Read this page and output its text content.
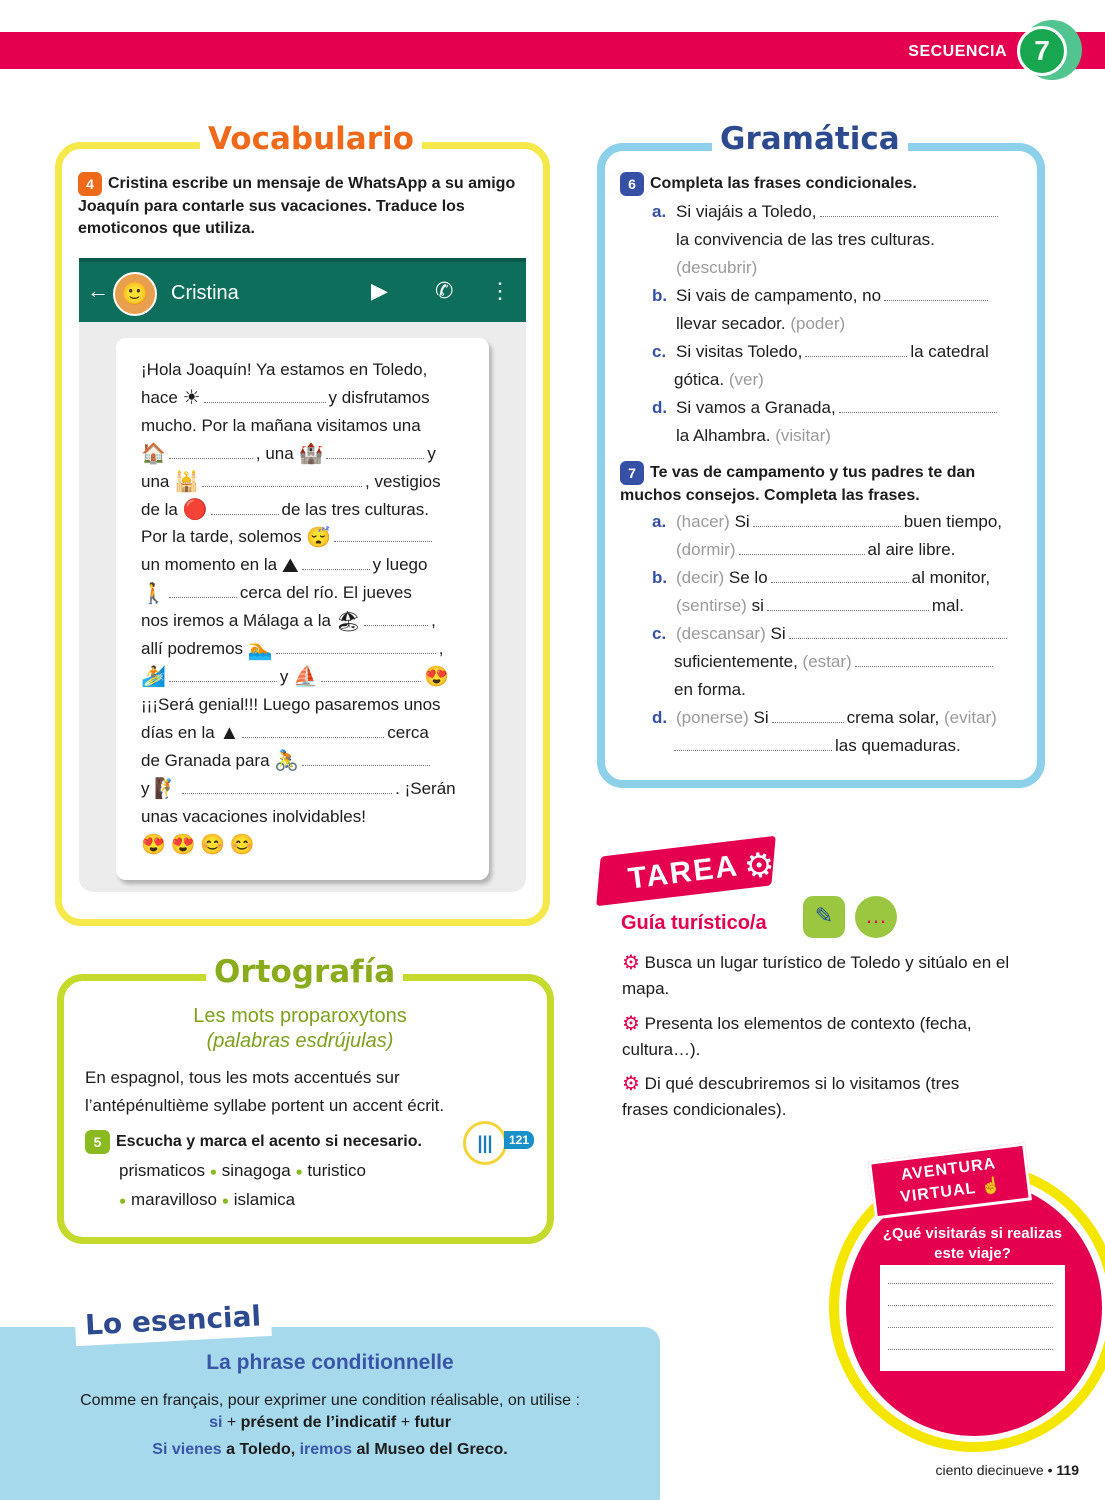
SECUENCIA 7
Vocabulario
4 Cristina escribe un mensaje de WhatsApp a su amigo Joaquín para contarle sus vacaciones. Traduce los emoticonos que utiliza.
← 🙂	Cristina	▶ ✆ ⋮
¡Hola Joaquín! Ya estamos en Toledo,
hace ☀	y disfrutamos
mucho. Por la mañana visitamos una
🏠	, una 🏰	y
una 🕌	, vestigios
de la 🔴	de las tres culturas.
Por la tarde, solemos 😴
un momento en la ⛰	y luego
🚶	cerca del río. El jueves
nos iremos a Málaga a la 🏖	,
allí podremos 🏊	,
🏄	y ⛵	😍
¡¡¡Será genial!!! Luego pasaremos unos
días en la ▲	cerca
de Granada para 🚴
y 🧗	. ¡Serán
unas vacaciones inolvidables!
😍 😍 😊 😊
Gramática
6 Completa las frases condicionales.
a. Si viajáis a Toledo,
la convivencia de las tres culturas.
(descubrir)
b. Si vais de campamento, no
llevar secador. (poder)
c. Si visitas Toledo,	la catedral
gótica. (ver)
d. Si vamos a Granada,
la Alhambra. (visitar)
7 Te vas de campamento y tus padres te dan muchos consejos. Completa las frases.
a. (hacer) Si	buen tiempo,
(dormir)	al aire libre.
b. (decir) Se lo	al monitor,
(sentirse) si	mal.
c. (descansar) Si
suficientemente, (estar)
en forma.
d. (ponerse) Si	crema solar, (evitar)
las quemaduras.
Ortografía
Les mots proparoxytons
(palabras esdrújulas)
En espagnol, tous les mots accentués sur l’antépénultième syllabe portent un accent écrit.
5 Escucha y marca el acento si necesario.	|||	121
prismaticos ● sinagoga ● turistico
● maravilloso ● islamica
TAREA ⚙
Guía turístico/a	✎	…
⚙ Busca un lugar turístico de Toledo y sitúalo en el mapa.
⚙ Presenta los elementos de contexto (fecha, cultura…).
⚙ Di qué descubriremos si lo visitamos (tres frases condicionales).
AVENTURA
VIRTUAL ☝
¿Qué visitarás si realizas este viaje?
Lo esencial
La phrase conditionnelle
Comme en français, pour exprimer une condition réalisable, on utilise :
si + présent de l’indicatif + futur
Si vienes a Toledo, iremos al Museo del Greco.
ciento diecinueve • 119
